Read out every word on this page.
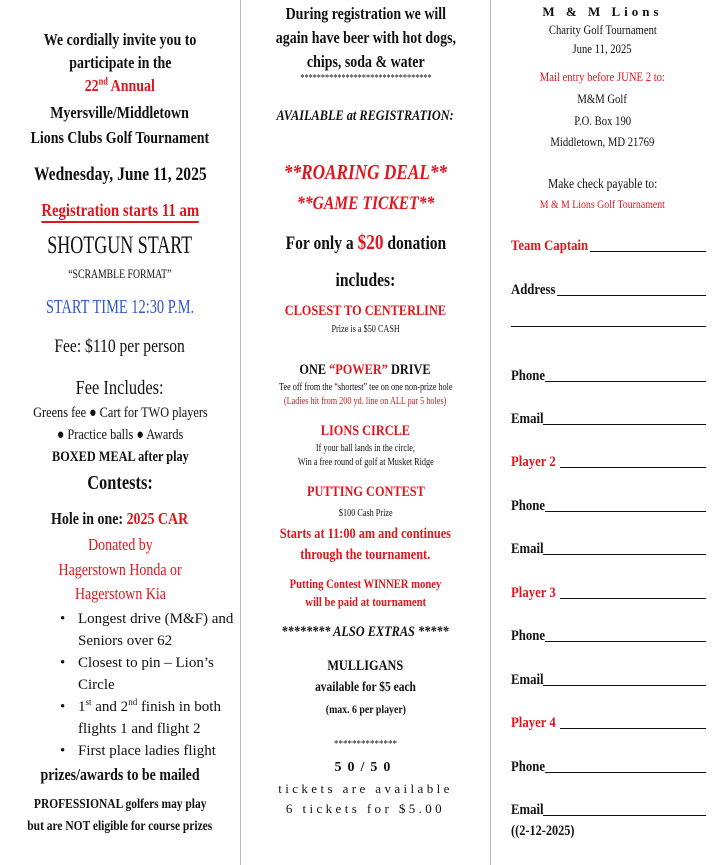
We cordially invite you to
participate in the
22nd Annual
Myersville/Middletown
Lions Clubs Golf Tournament
Wednesday, June 11, 2025
Registration starts 11 am
SHOTGUN START
“SCRAMBLE FORMAT”
START TIME 12:30 P.M.
Fee: $110 per person
Fee Includes:
Greens fee ● Cart for TWO players
● Practice balls ● Awards
BOXED MEAL after play
Contests:
Hole in one: 2025 CAR
Donated by
Hagerstown Honda or
Hagerstown Kia
• Longest drive (M&F) and Seniors over 62
• Closest to pin – Lion’s Circle
• 1st and 2nd finish in both flights 1 and flight 2
• First place ladies flight
prizes/awards to be mailed
PROFESSIONAL golfers may play
but are NOT eligible for course prizes
During registration we will
again have beer with hot dogs,
chips, soda & water
********************************
AVAILABLE at REGISTRATION:
**ROARING DEAL**
**GAME TICKET**
For only a $20 donation
includes:
CLOSEST TO CENTERLINE
Prize is a $50 CASH
ONE “POWER” DRIVE
Tee off from the “shortest” tee on one non-prize hole
(Ladies hit from 200 yd. line on ALL par 5 holes)
LIONS CIRCLE
If your ball lands in the circle,
Win a free round of golf at Musket Ridge
PUTTING CONTEST
$100 Cash Prize
Starts at 11:00 am and continues
through the tournament.
Putting Contest WINNER money
will be paid at tournament
******** ALSO EXTRAS *****
MULLIGANS
available for $5 each
(max. 6 per player)
**************
50/50
tickets are available
6 tickets for $5.00
M & M Lions
Charity Golf Tournament
June 11, 2025
Mail entry before JUNE 2 to:
M&M Golf
P.O. Box 190
Middletown, MD 21769
Make check payable to:
M & M Lions Golf Tournament
Team Captain
Address
Phone
Email
Player 2
Phone
Email
Player 3
Phone
Email
Player 4
Phone
Email
((2-12-2025)
